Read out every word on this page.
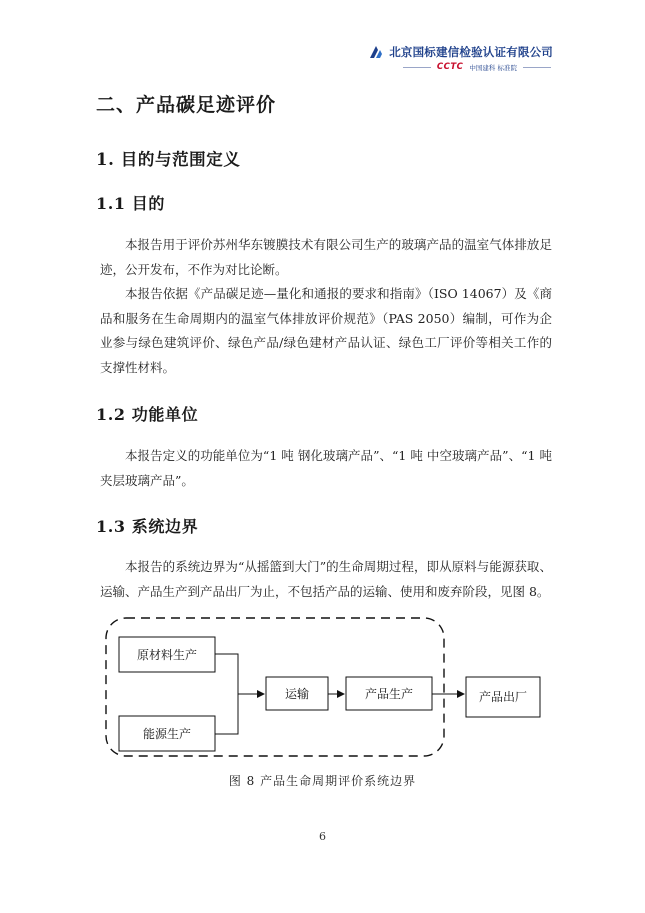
北京国标建信检验认证有限公司
CCTC 中国建科 标准院
二、产品碳足迹评价
1. 目的与范围定义
1.1 目的

本报告用于评价苏州华东镀膜技术有限公司生产的玻璃产品的温室气体排放足迹，公开发布，不作为对比论断。

本报告依据《产品碳足迹—量化和通报的要求和指南》（ISO 14067）及《商品和服务在生命周期内的温室气体排放评价规范》（PAS 2050）编制，可作为企业参与绿色建筑评价、绿色产品/绿色建材产品认证、绿色工厂评价等相关工作的支撑性材料。

1.2 功能单位

本报告定义的功能单位为“1 吨 钢化玻璃产品”、“1 吨 中空玻璃产品”、“1 吨 夹层玻璃产品”。

1.3 系统边界

本报告的系统边界为“从摇篮到大门”的生命周期过程，即从原料与能源获取、运输、产品生产到产品出厂为止，不包括产品的运输、使用和废弃阶段，见图 8。

原材料生产
能源生产
运输	产品生产	产品出厂
图 8 产品生命周期评价系统边界
6
